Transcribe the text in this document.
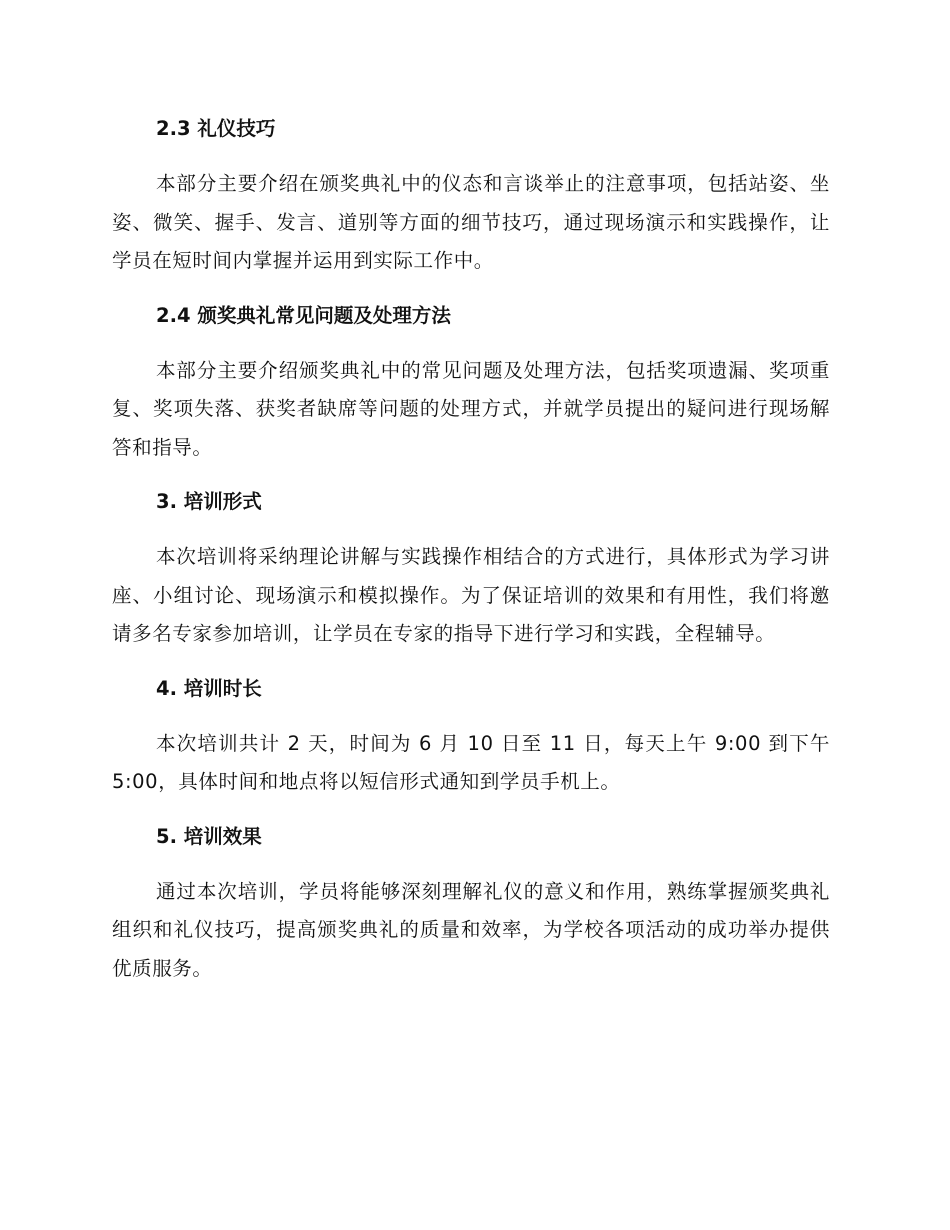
2.3 礼仪技巧

本部分主要介绍在颁奖典礼中的仪态和言谈举止的注意事项，包括站姿、坐姿、微笑、握手、发言、道别等方面的细节技巧，通过现场演示和实践操作，让学员在短时间内掌握并运用到实际工作中。

2.4 颁奖典礼常见问题及处理方法

本部分主要介绍颁奖典礼中的常见问题及处理方法，包括奖项遗漏、奖项重复、奖项失落、获奖者缺席等问题的处理方式，并就学员提出的疑问进行现场解答和指导。

3. 培训形式

本次培训将采纳理论讲解与实践操作相结合的方式进行，具体形式为学习讲座、小组讨论、现场演示和模拟操作。为了保证培训的效果和有用性，我们将邀请多名专家参加培训，让学员在专家的指导下进行学习和实践，全程辅导。

4. 培训时长

本次培训共计 2 天，时间为 6 月 10 日至 11 日，每天上午 9:00 到下午 5:00，具体时间和地点将以短信形式通知到学员手机上。

5. 培训效果

通过本次培训，学员将能够深刻理解礼仪的意义和作用，熟练掌握颁奖典礼组织和礼仪技巧，提高颁奖典礼的质量和效率，为学校各项活动的成功举办提供优质服务。
